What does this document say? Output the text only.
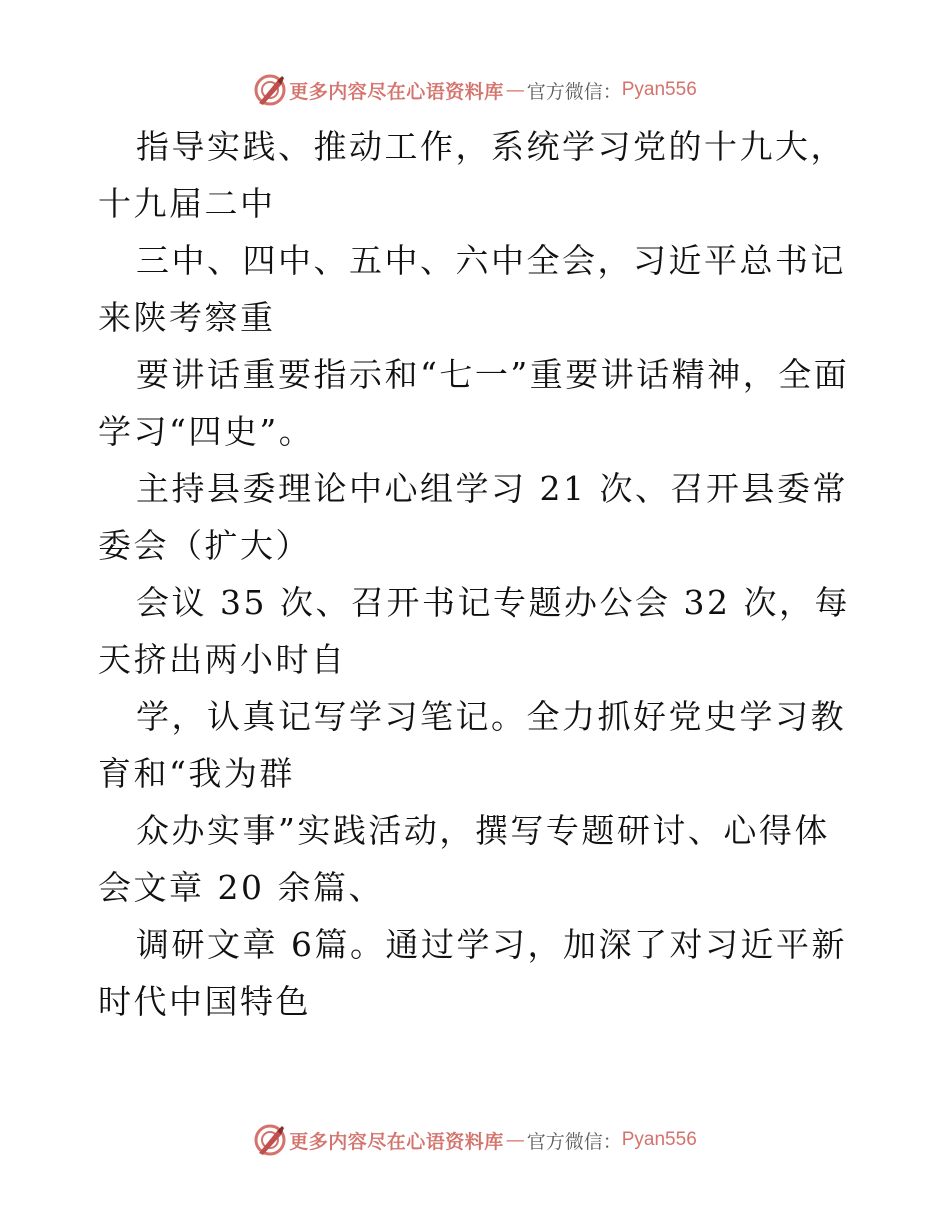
更多内容尽在心语资料库 — 官方微信： Pyan556

指导实践、推动工作，系统学习党的十九大，十九届二中

三中、四中、五中、六中全会，习近平总书记来陕考察重

要讲话重要指示和“七一”重要讲话精神，全面学习“四史”。

主持县委理论中心组学习 21 次、召开县委常委会（扩大）

会议 35 次、召开书记专题办公会 32 次，每天挤出两小时自

学，认真记写学习笔记。全力抓好党史学习教育和“我为群

众办实事”实践活动，撰写专题研讨、心得体会文章 20 余篇、

调研文章 6篇。通过学习，加深了对习近平新时代中国特色

更多内容尽在心语资料库 — 官方微信： Pyan556
